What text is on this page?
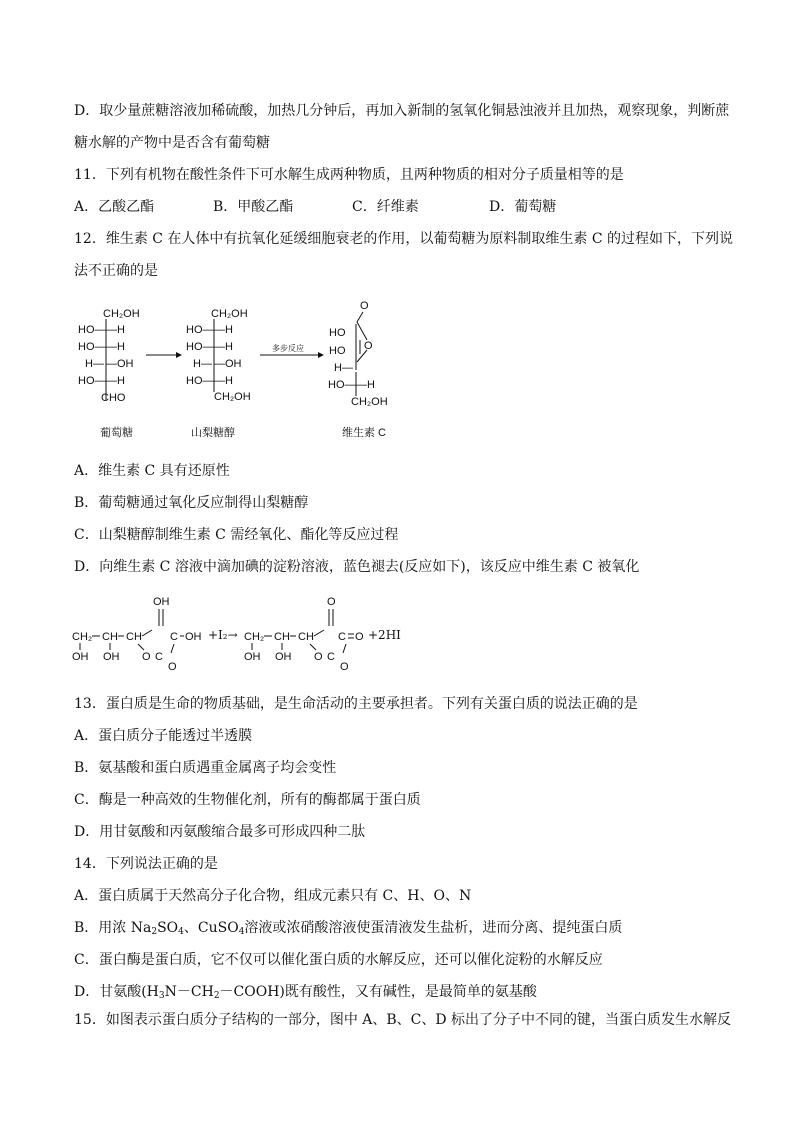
D．取少量蔗糖溶液加稀硫酸，加热几分钟后，再加入新制的氢氧化铜悬浊液并且加热，观察现象，判断蔗
糖水解的产物中是否含有葡萄糖
11．下列有机物在酸性条件下可水解生成两种物质，且两种物质的相对分子质量相等的是
A．乙酸乙酯	B．甲酸乙酯	C．纤维素	D．葡萄糖
12．维生素 C 在人体中有抗氧化延缓细胞衰老的作用，以葡萄糖为原料制取维生素 C 的过程如下，下列说
法不正确的是
CH₂OH
HO— —H
HO— —H
H— —OH
HO— —H
CHO
CH₂OH
HO— —H
HO— —H
H— —OH
HO— —H
CH₂OH
多步反应
O
HO
HO O
H—
HO— —H
CH₂OH
葡萄糖	山梨糖醇	维生素 C
A．维生素 C 具有还原性
B．葡萄糖通过氧化反应制得山梨糖醇
C．山梨糖醇制维生素 C 需经氧化、酯化等反应过程
D．向维生素 C 溶液中滴加碘的淀粉溶液，蓝色褪去(反应如下)，该反应中维生素 C 被氧化
OH
CH₂ CH CH	C OH
OH OH O C
O
+I₂→
O
CH₂ CH CH C O
OH OH O C
O
+2HI
13．蛋白质是生命的物质基础，是生命活动的主要承担者。下列有关蛋白质的说法正确的是
A．蛋白质分子能透过半透膜
B．氨基酸和蛋白质遇重金属离子均会变性
C．酶是一种高效的生物催化剂，所有的酶都属于蛋白质
D．用甘氨酸和丙氨酸缩合最多可形成四种二肽
14．下列说法正确的是
A．蛋白质属于天然高分子化合物，组成元素只有 C、H、O、N
B．用浓 $Na_2SO_4$、CuSO$_4$溶液或浓硝酸溶液使蛋清液发生盐析，进而分离、提纯蛋白质
C．蛋白酶是蛋白质，它不仅可以催化蛋白质的水解反应，还可以催化淀粉的水解反应
D．甘氨酸$(H_3N-CH_2-COOH)$既有酸性，又有碱性，是最简单的氨基酸
15．如图表示蛋白质分子结构的一部分，图中 A、B、C、D 标出了分子中不同的键，当蛋白质发生水解反
